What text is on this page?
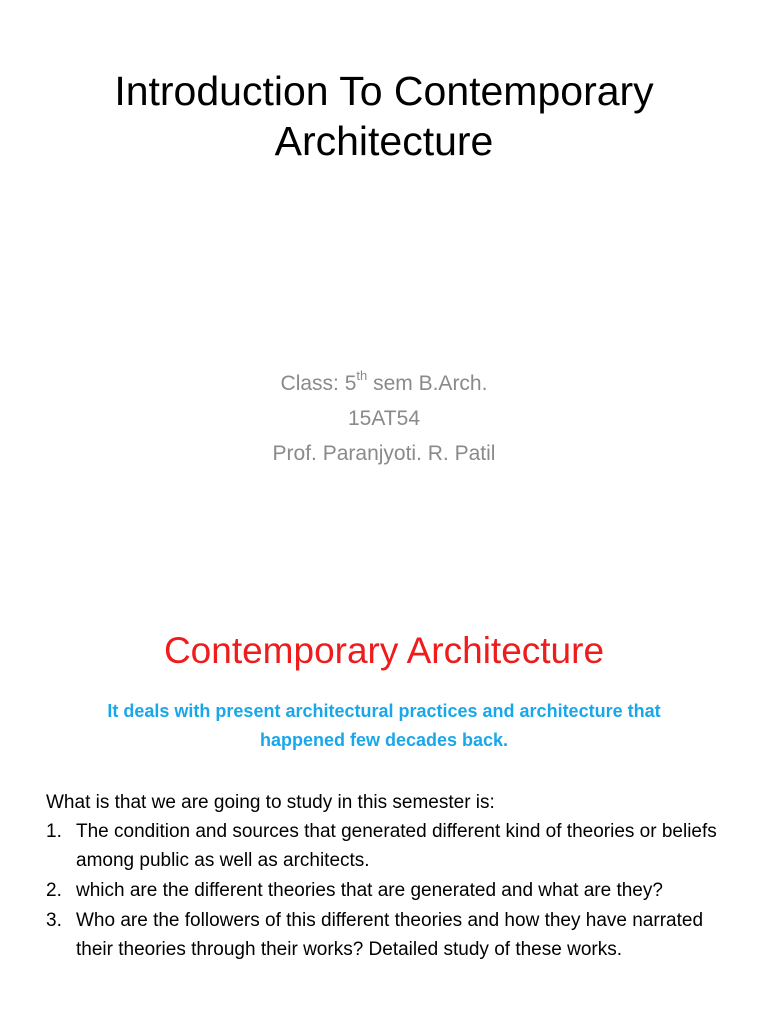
Introduction To Contemporary
Architecture
Class: 5th sem B.Arch.
15AT54
Prof. Paranjyoti. R. Patil
Contemporary Architecture
It deals with present architectural practices and architecture that
happened few decades back.
What is that we are going to study in this semester is:
1. The condition and sources that generated different kind of theories or beliefs among public as well as architects.
2. which are the different theories that are generated and what are they?
3. Who are the followers of this different theories and how they have narrated their theories through their works? Detailed study of these works.
